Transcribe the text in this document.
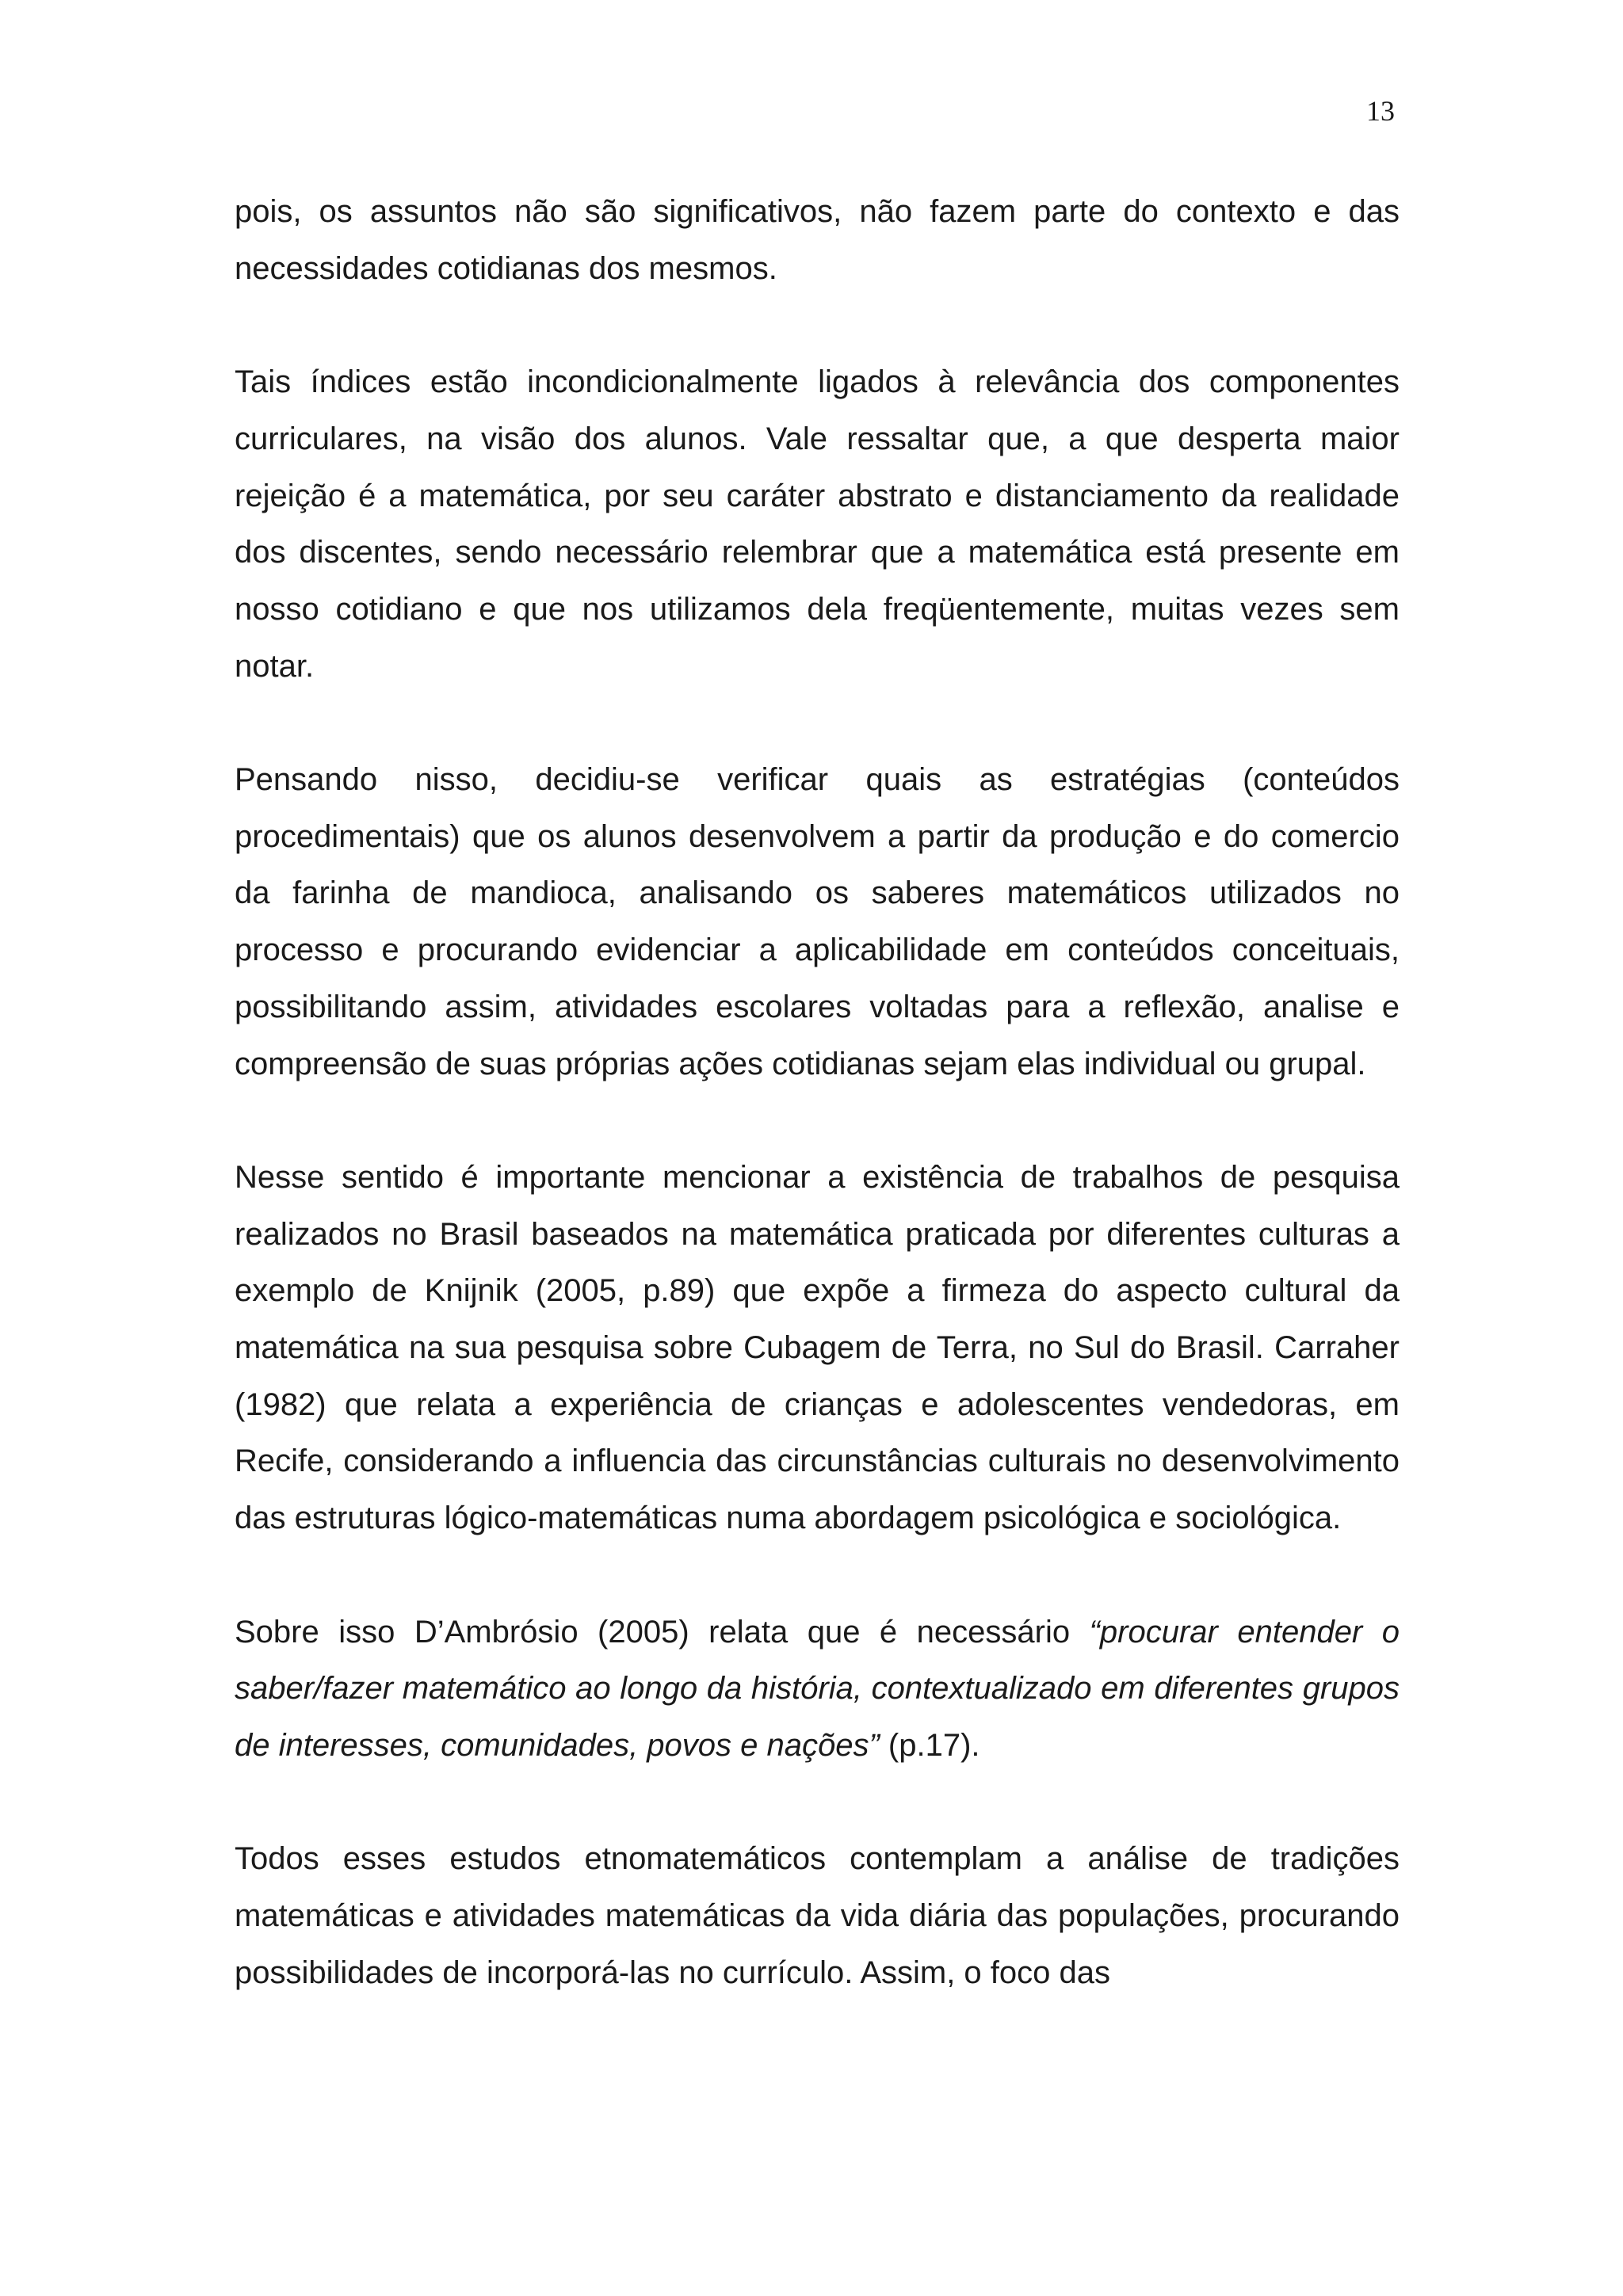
13

pois, os assuntos não são significativos, não fazem parte do contexto e das necessidades cotidianas dos mesmos.

Tais índices estão incondicionalmente ligados à relevância dos componentes curriculares, na visão dos alunos. Vale ressaltar que, a que desperta maior rejeição é a matemática, por seu caráter abstrato e distanciamento da realidade dos discentes, sendo necessário relembrar que a matemática está presente em nosso cotidiano e que nos utilizamos dela freqüentemente, muitas vezes sem notar.

Pensando nisso, decidiu-se verificar quais as estratégias (conteúdos procedimentais) que os alunos desenvolvem a partir da produção e do comercio da farinha de mandioca, analisando os saberes matemáticos utilizados no processo e procurando evidenciar a aplicabilidade em conteúdos conceituais, possibilitando assim, atividades escolares voltadas para a reflexão, analise e compreensão de suas próprias ações cotidianas sejam elas individual ou grupal.

Nesse sentido é importante mencionar a existência de trabalhos de pesquisa realizados no Brasil baseados na matemática praticada por diferentes culturas a exemplo de Knijnik (2005, p.89) que expõe a firmeza do aspecto cultural da matemática na sua pesquisa sobre Cubagem de Terra, no Sul do Brasil. Carraher (1982) que relata a experiência de crianças e adolescentes vendedoras, em Recife, considerando a influencia das circunstâncias culturais no desenvolvimento das estruturas lógico-matemáticas numa abordagem psicológica e sociológica.

Sobre isso D’Ambrósio (2005) relata que é necessário “procurar entender o saber/fazer matemático ao longo da história, contextualizado em diferentes grupos de interesses, comunidades, povos e nações” (p.17).

Todos esses estudos etnomatemáticos contemplam a análise de tradições matemáticas e atividades matemáticas da vida diária das populações, procurando possibilidades de incorporá-las no currículo. Assim, o foco das
